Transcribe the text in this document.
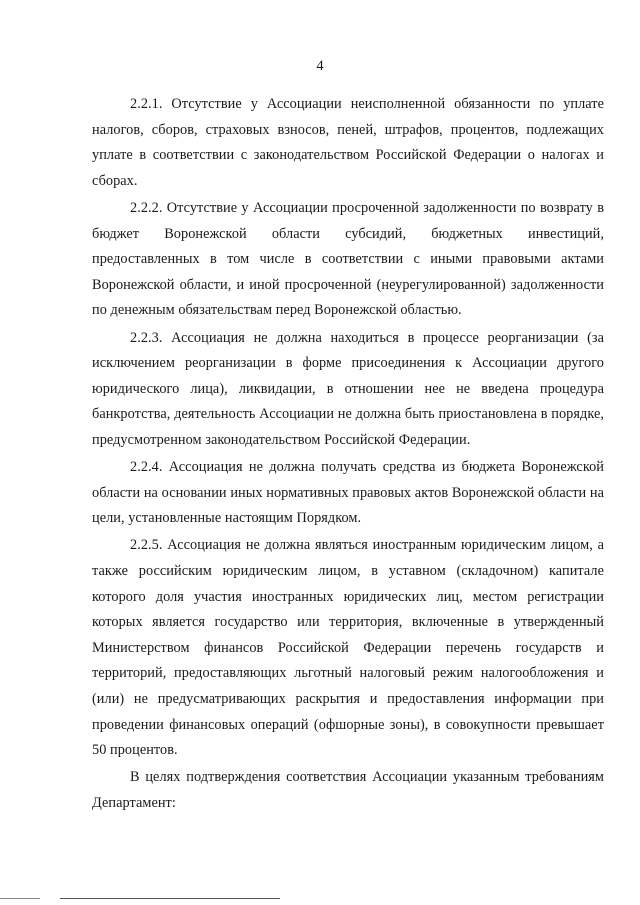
4

2.2.1. Отсутствие у Ассоциации неисполненной обязанности по уплате налогов, сборов, страховых взносов, пеней, штрафов, процентов, подлежащих уплате в соответствии с законодательством Российской Федерации о налогах и сборах.

2.2.2. Отсутствие у Ассоциации просроченной задолженности по возврату в бюджет Воронежской области субсидий, бюджетных инвестиций, предоставленных в том числе в соответствии с иными правовыми актами Воронежской области, и иной просроченной (неурегулированной) задолженности по денежным обязательствам перед Воронежской областью.

2.2.3. Ассоциация не должна находиться в процессе реорганизации (за исключением реорганизации в форме присоединения к Ассоциации другого юридического лица), ликвидации, в отношении нее не введена процедура банкротства, деятельность Ассоциации не должна быть приостановлена в порядке, предусмотренном законодательством Российской Федерации.

2.2.4. Ассоциация не должна получать средства из бюджета Воронежской области на основании иных нормативных правовых актов Воронежской области на цели, установленные настоящим Порядком.

2.2.5. Ассоциация не должна являться иностранным юридическим лицом, а также российским юридическим лицом, в уставном (складочном) капитале которого доля участия иностранных юридических лиц, местом регистрации которых является государство или территория, включенные в утвержденный Министерством финансов Российской Федерации перечень государств и территорий, предоставляющих льготный налоговый режим налогообложения и (или) не предусматривающих раскрытия и предоставления информации при проведении финансовых операций (офшорные зоны), в совокупности превышает 50 процентов.

В целях подтверждения соответствия Ассоциации указанным требованиям Департамент:
